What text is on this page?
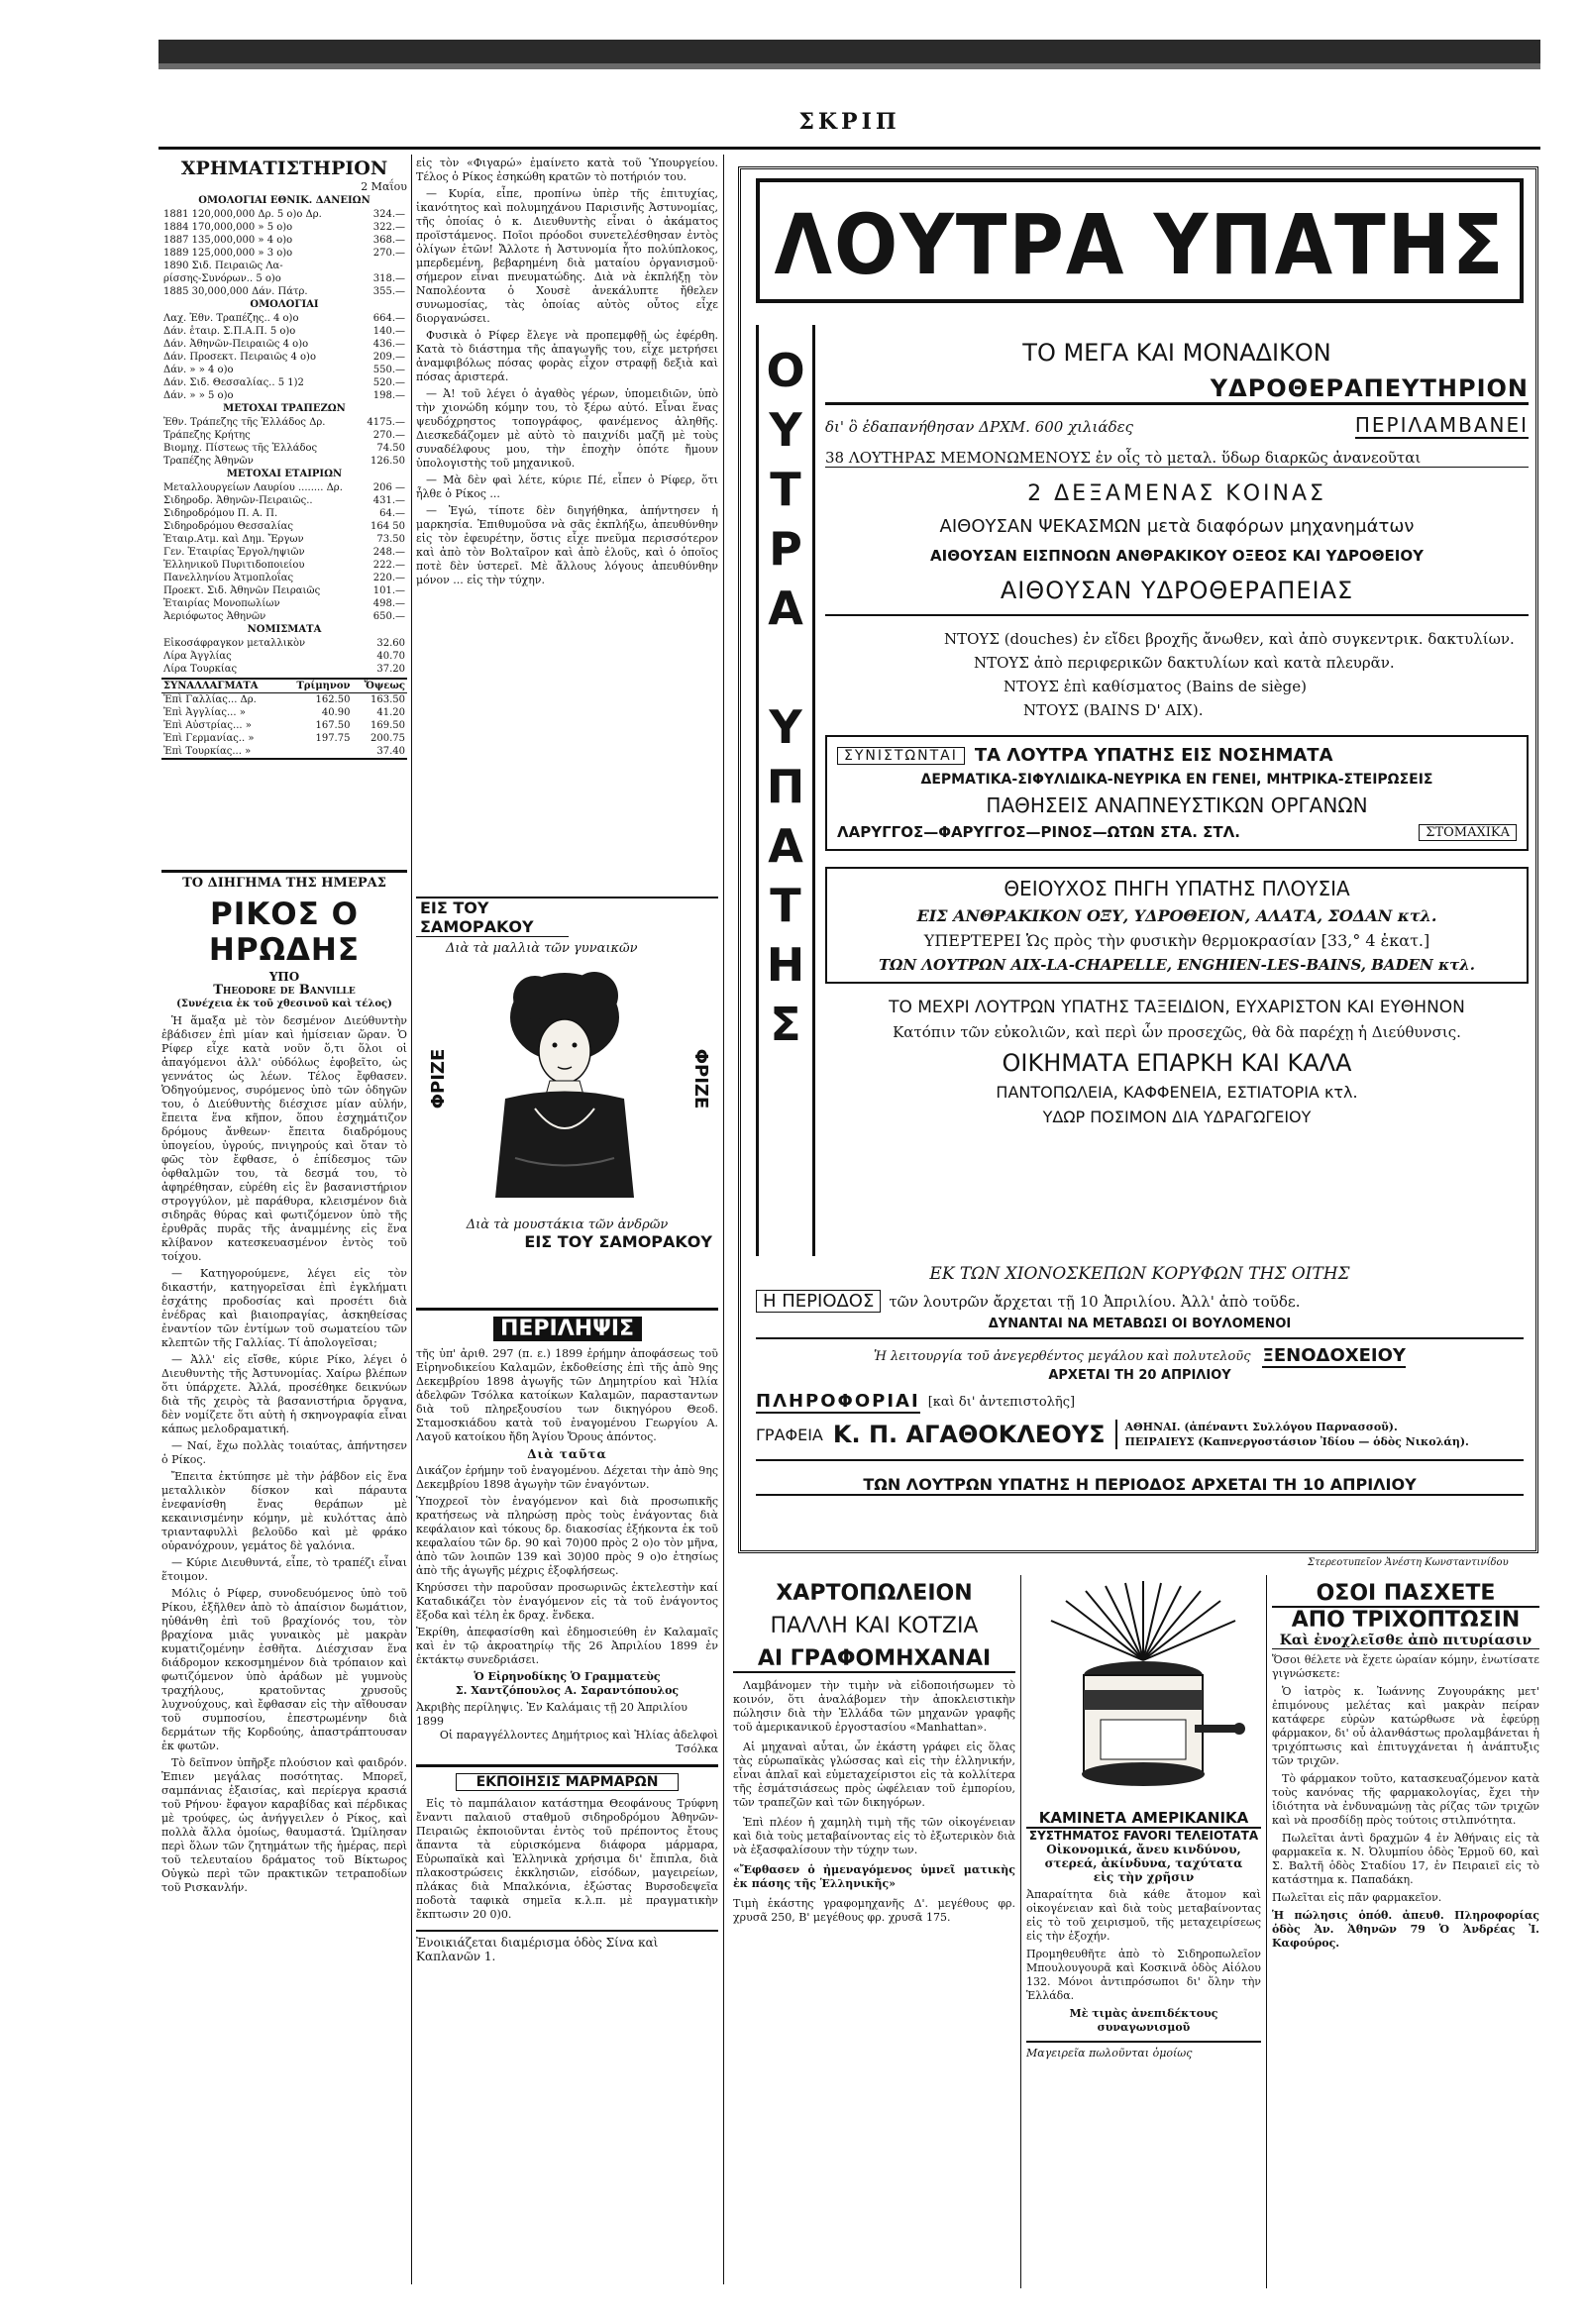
ΣΚΡΙΠ
ΧΡΗΜΑΤΙΣΤΗΡΙΟΝ
2 Μαΐου
ΟΜΟΛΟΓΙΑΙ ΕΘΝΙΚ. ΔΑΝΕΙΩΝ
1881 120,000,000 Δρ. 5 ο)ο Δρ.	324.—
1884 170,000,000 » 5 ο)ο	322.—
1887 135,000,000 » 4 ο)ο	368.—
1889 125,000,000 » 3 ο)ο	270.—
1890 Σιδ. Πειραιῶς Λα-	
ρίσσης-Συνόρων.. 5 ο)ο	318.—
1885 30,000,000 Δάν. Πάτρ.	355.—
ΟΜΟΛΟΓΙΑΙ
Λαχ. Ἐθν. Τραπέζης.. 4 ο)ο	664.—
Δάν. ἑταιρ. Σ.Π.Α.Π. 5 ο)ο	140.—
Δάν. Ἀθηνῶν-Πειραιῶς 4 ο)ο	436.—
Δάν. Προσεκτ. Πειραιῶς 4 ο)ο	209.—
Δάν. » » 4 ο)ο	550.—
Δάν. Σιδ. Θεσσαλίας.. 5 1)2	520.—
Δάν. » » 5 ο)ο	198.—
ΜΕΤΟΧΑΙ ΤΡΑΠΕΖΩΝ
Ἐθν. Τράπεζης τῆς Ἑλλάδος Δρ.	4175.—
Τράπεζης Κρήτης	270.—
Βιομηχ. Πίστεως τῆς Ἑλλάδος	74.50
Τραπέζης Ἀθηνῶν	126.50
ΜΕΤΟΧΑΙ ΕΤΑΙΡΙΩΝ
Μεταλλουργείων Λαυρίου ........ Δρ.	206 —
Σιδηροδρ. Ἀθηνῶν-Πειραιῶς..	431.—
Σιδηροδρόμου Π. Α. Π.	64.—
Σιδηροδρόμου Θεσσαλίας	164 50
Ἑταιρ.Ατμ. καὶ Δημ. Ἔργων	73.50
Γεν. Ἑταιρίας Ἐργολ/ηψιῶν	248.—
Ἑλληνικοῦ Πυριτιδοποιείου	222.—
Πανελληνίου Ἀτμοπλοΐας	220.—
Προεκτ. Σιδ. Ἀθηνῶν Πειραιῶς	101.—
Ἑταιρίας Μονοπωλίων	498.—
Ἀεριόφωτος Ἀθηνῶν	650.—
ΝΟΜΙΣΜΑΤΑ
Εἰκοσάφραγκον μεταλλικὸν	32.60
Λίρα Ἀγγλίας	40.70
Λίρα Τουρκίας	37.20
ΣΥΝΑΛΛΑΓΜΑΤΑ	Τρίμηνον	Ὄψεως
Ἐπὶ Γαλλίας... Δρ.	162.50	163.50
Ἐπὶ Ἀγγλίας... »	40.90	41.20
Ἐπὶ Αὐστρίας... »	167.50	169.50
Ἐπὶ Γερμανίας.. »	197.75	200.75
Ἐπὶ Τουρκίας... »		37.40
ΤΟ ΔΙΗΓΗΜΑ ΤΗΣ ΗΜΕΡΑΣ
ΡΙΚΟΣ Ο ΗΡΩΔΗΣ
ΥΠΟ
Theodore de Banville
(Συνέχεια ἐκ τοῦ χθεσινοῦ καὶ τέλος)

Ἡ ἅμαξα μὲ τὸν δεσμένον Διεύθυντὴν ἐβάδισεν ἐπὶ μίαν καὶ ἡμίσειαν ὥραν. Ὁ Ρίφερ εἶχε κατὰ νοῦν ὅ,τι ὅλοι οἱ ἀπαγόμενοι ἀλλ' οὐδόλως ἐφοβεῖτο, ὡς γεννάτος ὡς λέων. Τέλος ἔφθασεν. Ὁδηγούμενος, συρόμενος ὑπὸ τῶν ὁδηγῶν του, ὁ Διεύθυντὴς διέσχισε μίαν αὐλήν, ἔπειτα ἕνα κῆπον, ὅπου ἐσχημάτιζον δρόμους ἄνθεων· ἔπειτα διαδρόμους ὑπογείου, ὑγρούς, πνιγηρούς καὶ ὅταν τὸ φῶς τὸν ἔφθασε, ὁ ἐπίδεσμος τῶν ὀφθαλμῶν του, τὰ δεσμά του, τὸ ἀφηρέθησαν, εὑρέθη εἰς ἓν βασανιστήριον στρογγύλον, μὲ παράθυρα, κλεισμένον διὰ σιδηρᾶς θύρας καὶ φωτιζόμενον ὑπὸ τῆς ἐρυθρᾶς πυρᾶς τῆς ἀναμμένης εἰς ἕνα κλίβανον κατεσκευασμένον ἐντὸς τοῦ τοίχου.

— Κατηγορούμενε, λέγει εἰς τὸν δικαστήν, κατηγορεῖσαι ἐπὶ ἐγκλήματι ἐσχάτης προδοσίας καὶ προσέτι διὰ ἐνέδρας καὶ βιαιοπραγίας, ἀσκηθείσας ἐναντίον τῶν ἐντίμων τοῦ σωματείου τῶν κλεπτῶν τῆς Γαλλίας. Τί ἀπολογεῖσαι;

— Ἀλλ' εἰς εἴσθε, κύριε Ρίκο, λέγει ὁ Διευθυντὴς τῆς Ἀστυνομίας. Χαίρω βλέπων ὅτι ὑπάρχετε. Ἀλλά, προσέθηκε δεικνύων διὰ τῆς χειρὸς τὰ βασανιστήρια ὄργανα, δὲν νομίζετε ὅτι αὐτὴ ἡ σκηνογραφία εἶναι κάπως μελοδραματική.

— Ναί, ἔχω πολλὰς τοιαύτας, ἀπήντησεν ὁ Ρίκος.

Ἔπειτα ἐκτύπησε μὲ τὴν ῥάβδον εἰς ἕνα μεταλλικὸν δίσκον καὶ πάραυτα ἐνεφανίσθη ἕνας θεράπων μὲ κεκαινισμένην κόμην, μὲ κυλόττας ἀπὸ τριανταφυλλὶ βελοῦδο καὶ μὲ φράκο οὐρανόχρουν, γεμάτος δὲ γαλόνια.

— Κύριε Διευθυντά, εἶπε, τὸ τραπέζι εἶναι ἕτοιμον.

Μόλις ὁ Ρίφερ, συνοδευόμενος ὑπὸ τοῦ Ρίκου, ἐξῆλθεν ἀπὸ τὸ ἀπαίσιον δωμάτιον, ηὑθάνθη ἐπὶ τοῦ βραχίονός του, τὸν βραχίονα μιᾶς γυναικὸς μὲ μακρὰν κυματιζομένην ἐσθῆτα. Διέσχισαν ἕνα διάδρομον κεκοσμημένον διὰ τρόπαιον καὶ φωτιζόμενον ὑπὸ ἀράδων μὲ γυμνοὺς τραχήλους, κρατοῦντας χρυσοῦς λυχνούχους, καὶ ἔφθασαν εἰς τὴν αἴθουσαν τοῦ συμποσίου, ἐπεστρωμένην διὰ δερμάτων τῆς Κορδούης, ἀπαστράπτουσαν ἐκ φωτῶν.

Τὸ δεῖπνον ὑπῆρξε πλούσιον καὶ φαιδρόν. Ἐπιεν μεγάλας ποσότητας. Μπορεῖ, σαμπάνιας ἐξαισίας, καὶ περίεργα κρασιά τοῦ Ρήνου· ἔφαγον καραβίδας καὶ πέρδικας μὲ τρούφες, ὡς ἀνήγγειλεν ὁ Ρίκος, καὶ πολλὰ ἄλλα ὁμοίως, θαυμαστά. Ὡμίλησαν περὶ ὅλων τῶν ζητημάτων τῆς ἡμέρας, περὶ τοῦ τελευταίου δράματος τοῦ Βίκτωρος Οὐγκὼ περὶ τῶν πρακτικῶν τετραποδίων τοῦ Ρισκανλήν.

εἰς τὸν «Φιγαρώ» ἐμαίνετο κατὰ τοῦ Ὑπουργείου. Τέλος ὁ Ρίκος ἐσηκώθη κρατῶν τὸ ποτήριόν του.

— Κυρία, εἶπε, προπίνω ὑπὲρ τῆς ἐπιτυχίας, ἱκανότητος καὶ πολυμηχάνου Παρισινῆς Ἀστυνομίας, τῆς ὁποίας ὁ κ. Διευθυντὴς εἶναι ὁ ἀκάματος προϊστάμενος. Ποῖοι πρόοδοι συνετελέσθησαν ἐντὸς ὀλίγων ἐτῶν! Ἄλλοτε ἡ Ἀστυνομία ἦτο πολύπλοκος, μπερδεμένη, βεβαρημένη διὰ ματαίου ὀργανισμοῦ· σήμερον εἶναι πνευματώδης. Διὰ νὰ ἐκπλήξῃ τὸν Ναπολέοντα ὁ Χουσὲ ἀνεκάλυπτε ἤθελεν συνωμοσίας, τὰς ὁποίας αὐτὸς οὗτος εἶχε διοργανώσει.

Φυσικὰ ὁ Ρίφερ ἔλεγε νὰ προπεμφθῇ ὡς ἐφέρθη. Κατὰ τὸ διάστημα τῆς ἀπαγωγῆς του, εἶχε μετρήσει ἀναμφιβόλως πόσας φορὰς εἶχον στραφῇ δεξιὰ καὶ πόσας ἀριστερά.

— Ἀ! τοῦ λέγει ὁ ἀγαθὸς γέρων, ὑπομειδιῶν, ὑπὸ τὴν χιονώδη κόμην του, τὸ ξέρω αὐτό. Εἶναι ἕνας ψευδόχρηστος τοπογράφος, φανέμενος ἀληθῆς. Διεσκεδάζομεν μὲ αὐτὸ τὸ παιχνίδι μαζῆ μὲ τοὺς συναδέλφους μου, τὴν ἐποχὴν ὁπότε ἤμουν ὑπολογιστὴς τοῦ μηχανικοῦ.

— Μὰ δὲν φαὶ λέτε, κύριε Πέ, εἶπεν ὁ Ρίφερ, ὅτι ἦλθε ὁ Ρίκος ...

— Ἐγώ, τίποτε δὲν διηγήθηκα, ἀπήντησεν ἡ μαρκησία. Ἐπιθυμοῦσα νὰ σᾶς ἐκπλήξω, ἀπευθύνθην εἰς τὸν ἐφευρέτην, ὅστις εἶχε πνεῦμα περισσότερον καὶ ἀπὸ τὸν Βολταῖρον καὶ ἀπὸ ἐλοῦς, καὶ ὁ ὁποῖος ποτὲ δὲν ὑστερεῖ. Μὲ ἄλλους λόγους ἀπευθύνθην μόνον ... εἰς τὴν τύχην.

ΕΙΣ ΤΟΥ ΣΑΜΟΡΑΚΟΥ
Διὰ τὰ μαλλιὰ τῶν γυναικῶν
ΦΡΙΖΕ	ΦΡΙΖΕ
Διὰ τὰ μουστάκια τῶν ἀνδρῶν
ΕΙΣ ΤΟΥ ΣΑΜΟΡΑΚΟΥ
ΠΕΡΙΛΗΨΙΣ

τῆς ὑπ' ἀριθ. 297 (π. ε.) 1899 ἐρήμην ἀποφάσεως τοῦ Εἰρηνοδικείου Καλαμῶν, ἐκδοθείσης ἐπὶ τῆς ἀπὸ 9ης Δεκεμβρίου 1898 ἀγωγῆς τῶν Δημητρίου καὶ Ἠλία ἀδελφῶν Τσόλκα κατοίκων Καλαμῶν, παρασταντων διὰ τοῦ πληρεξουσίου των δικηγόρου Θεοδ. Σταμοσκιάδου κατὰ τοῦ ἐναγομένου Γεωργίου Α. Λαγοῦ κατοίκου ἤδη Ἁγίου Ὄρους ἀπόντος.

Διὰ ταῦτα

Δικάζον ἐρήμην τοῦ ἐναγομένου. Δέχεται τὴν ἀπὸ 9ης Δεκεμβρίου 1898 ἀγωγὴν τῶν ἐναγόντων.

Ὑποχρεοῖ τὸν ἐναγόμενον καὶ διὰ προσωπικῆς κρατήσεως νὰ πληρώσῃ πρὸς τοὺς ἐνάγοντας διὰ κεφάλαιον καὶ τόκους δρ. διακοσίας ἑξήκοντα ἐκ τοῦ κεφαλαίου τῶν δρ. 90 καὶ 70)00 πρὸς 2 ο)ο τὸν μῆνα, ἀπὸ τῶν λοιπῶν 139 καὶ 30)00 πρὸς 9 ο)ο ἐτησίως ἀπὸ τῆς ἀγωγῆς μέχρις ἐξοφλήσεως.

Κηρύσσει τὴν παροῦσαν προσωρινῶς ἐκτελεστὴν καί Καταδικάζει τὸν ἐναγόμενον εἰς τὰ τοῦ ἐνάγοντος ἔξοδα καὶ τέλη ἐκ δραχ. ἕνδεκα.

Ἐκρίθη, ἀπεφασίσθη καὶ ἐδημοσιεύθη ἐν Καλαμαῖς καὶ ἐν τῷ ἀκροατηρίῳ τῆς 26 Ἀπριλίου 1899 ἐν ἐκτάκτῳ συνεδριάσει.

Ὁ Εἰρηνοδίκης Ὁ Γραμματεὺς
Σ. Χαντζόπουλος Α. Σαραντόπουλος
Ἀκριβὴς περίληψις. Ἐν Καλάμαις τῇ 20 Ἀπριλίου 1899
Οἱ παραγγέλλοντες Δημήτριος καὶ Ἠλίας ἀδελφοὶ Τσόλκα
ΕΚΠΟΙΗΣΙΣ ΜΑΡΜΑΡΩΝ

Εἰς τὸ παμπάλαιον κατάστημα Θεοφάνους Τρύφνη ἔναντι παλαιοῦ σταθμοῦ σιδηροδρόμου Ἀθηνῶν-Πειραιῶς ἐκποιοῦνται ἐντὸς τοῦ πρέποντος ἔτους ἅπαντα τὰ εὑρισκόμενα διάφορα μάρμαρα, Εὐρωπαϊκὰ καὶ Ἑλληνικὰ χρήσιμα δι' ἔπιπλα, διὰ πλακοστρώσεις ἐκκλησιῶν, εἰσόδων, μαγειρείων, πλάκας διὰ Μπαλκόνια, ἐξώστας Βυρσοδεψεῖα ποδοτὰ ταφικὰ σημεῖα κ.λ.π. μὲ πραγματικὴν ἔκπτωσιν 20 0)0.

Ἐνοικιάζεται διαμέρισμα ὁδὸς Σίνα καὶ Καπλανῶν 1.

ΛΟΥΤΡΑ ΥΠΑΤΗΣ
Ο
Υ
Τ
Ρ
Α
Υ
Π
Α
Τ
Η
Σ
ΤΟ ΜΕΓΑ ΚΑΙ ΜΟΝΑΔΙΚΟΝ
ΥΔΡΟΘΕΡΑΠΕΥΤΗΡΙΟΝ
δι' ὃ ἐδαπανήθησαν ΔΡΧΜ. 600 χιλιάδες	ΠΕΡΙΛΑΜΒΑΝΕΙ
38 ΛΟΥΤΗΡΑΣ ΜΕΜΟΝΩΜΕΝΟΥΣ ἐν οἷς τὸ μεταλ. ὕδωρ διαρκῶς ἀνανεοῦται
2 ΔΕΞΑΜΕΝΑΣ ΚΟΙΝΑΣ
ΑΙΘΟΥΣΑΝ ΨΕΚΑΣΜΩΝ μετὰ διαφόρων μηχανημάτων
ΑΙΘΟΥΣΑΝ ΕΙΣΠΝΟΩΝ ΑΝΘΡΑΚΙΚΟΥ ΟΞΕΟΣ ΚΑΙ ΥΔΡΟΘΕΙΟΥ
ΑΙΘΟΥΣΑΝ ΥΔΡΟΘΕΡΑΠΕΙΑΣ
ΝΤΟΥΣ (douches) ἐν εἴδει βροχῆς ἄνωθεν, καὶ ἀπὸ συγκεντρικ. δακτυλίων.
ΝΤΟΥΣ ἀπὸ περιφερικῶν δακτυλίων καὶ κατὰ πλευρᾶν.
ΝΤΟΥΣ ἐπὶ καθίσματος (Bains de siège)
ΝΤΟΥΣ (BAINS D' AIX).
ΣΥΝΙΣΤΩΝΤΑΙ ΤΑ ΛΟΥΤΡΑ ΥΠΑΤΗΣ ΕΙΣ ΝΟΣΗΜΑΤΑ
ΔΕΡΜΑΤΙΚΑ-ΣΙΦΥΛΙΔΙΚΑ-ΝΕΥΡΙΚΑ ΕΝ ΓΕΝΕΙ, ΜΗΤΡΙΚΑ-ΣΤΕΙΡΩΣΕΙΣ
ΠΑΘΗΣΕΙΣ ΑΝΑΠΝΕΥΣΤΙΚΩΝ ΟΡΓΑΝΩΝ
ΛΑΡΥΓΓΟΣ—ΦΑΡΥΓΓΟΣ—ΡΙΝΟΣ—ΩΤΩΝ ΣΤΑ. ΣΤΛ.	ΣΤΟΜΑΧΙΚΑ
ΘΕΙΟΥΧΟΣ ΠΗΓΗ ΥΠΑΤΗΣ ΠΛΟΥΣΙΑ
ΕΙΣ ΑΝΘΡΑΚΙΚΟΝ ΟΞΥ, ΥΔΡΟΘΕΙΟΝ, ΑΛΑΤΑ, ΣΟΔΑΝ κτλ.
ΥΠΕΡΤΕΡΕΙ Ὡς πρὸς τὴν φυσικὴν θερμοκρασίαν [33,° 4 ἑκατ.]
ΤΩΝ ΛΟΥΤΡΩΝ AIX-LA-CHAPELLE, ENGHIEN-LES-BAINS, BADEN κτλ.
ΤΟ ΜΕΧΡΙ ΛΟΥΤΡΩΝ ΥΠΑΤΗΣ ΤΑΞΕΙΔΙΟΝ, ΕΥΧΑΡΙΣΤΟΝ ΚΑΙ ΕΥΘΗΝΟΝ
Κατόπιν τῶν εὐκολιῶν, καὶ περὶ ὧν προσεχῶς, θὰ δὰ παρέχῃ ἡ Διεύθυνσις.
ΟΙΚΗΜΑΤΑ ΕΠΑΡΚΗ ΚΑΙ ΚΑΛΑ
ΠΑΝΤΟΠΩΛΕΙΑ, ΚΑΦΦΕΝΕΙΑ, ΕΣΤΙΑΤΟΡΙΑ κτλ.
ΥΔΩΡ ΠΟΣΙΜΟΝ ΔΙΑ ΥΔΡΑΓΩΓΕΙΟΥ
ΕΚ ΤΩΝ ΧΙΟΝΟΣΚΕΠΩΝ ΚΟΡΥΦΩΝ ΤΗΣ ΟΙΤΗΣ
Η ΠΕΡΙΟΔΟΣ	τῶν λουτρῶν ἄρχεται τῇ 10 Ἀπριλίου. Ἀλλ' ἀπὸ τοῦδε.
ΔΥΝΑΝΤΑΙ ΝΑ ΜΕΤΑΒΩΣΙ ΟΙ ΒΟΥΛΟΜΕΝΟΙ
Ἡ λειτουργία τοῦ ἀνεγερθέντος μεγάλου καὶ πολυτελοῦς ΞΕΝΟΔΟΧΕΙΟΥ
ΑΡΧΕΤΑΙ ΤΗ 20 ΑΠΡΙΛΙΟΥ
ΠΛΗΡΟΦΟΡΙΑΙ [καὶ δι' ἀντεπιστολῆς]
ΓΡΑΦΕΙΑ Κ. Π. ΑΓΑΘΟΚΛΕΟΥΣ ΑΘΗΝΑΙ. (ἀπέναντι Συλλόγου Παρνασσοῦ).
ΠΕΙΡΑΙΕΥΣ (Καπνεργοστάσιον Ἰδίου — ὁδὸς Νικολάη).
ΤΩΝ ΛΟΥΤΡΩΝ ΥΠΑΤΗΣ Η ΠΕΡΙΟΔΟΣ ΑΡΧΕΤΑΙ ΤΗ 10 ΑΠΡΙΛΙΟΥ
Στερεοτυπεῖον Ἀνέστη Κωνσταντινίδου
ΧΑΡΤΟΠΩΛΕΙΟΝ
ΠΑΛΛΗ ΚΑΙ ΚΟΤΖΙΑ
ΑΙ ΓΡΑΦΟΜΗΧΑΝΑΙ

Λαμβάνομεν τὴν τιμὴν νὰ εἰδοποιήσωμεν τὸ κοινόν, ὅτι ἀναλάβομεν τὴν ἀποκλειστικὴν πώλησιν διὰ τὴν Ἑλλάδα τῶν μηχανῶν γραφῆς τοῦ ἀμερικανικοῦ ἐργοστασίου «Manhattan».

Αἱ μηχαναὶ αὗται, ὧν ἑκάστη γράφει εἰς ὅλας τὰς εὐρωπαϊκὰς γλώσσας καὶ εἰς τὴν ἑλληνικήν, εἶναι ἁπλαῖ καὶ εὐμεταχείριστοι εἰς τὰ κολλίτερα τῆς ἐσμάτσιάσεως πρὸς ὠφέλειαν τοῦ ἐμπορίου, τῶν τραπεζῶν καὶ τῶν δικηγόρων.

Ἐπὶ πλέον ἡ χαμηλὴ τιμὴ τῆς τῶν οἰκογένειαν καὶ διὰ τοὺς μεταβαίνοντας εἰς τὸ ἐξωτερικὸν διὰ νὰ ἐξασφαλίσουν τὴν τύχην των.

«Ἔφθασεν ὁ ἠμεναγόμενος ὑμνεῖ ματικὴς ἐκ πάσης τῆς Ἑλληνικῆς»

Τιμὴ ἑκάστης γραφομηχανῆς Δ'. μεγέθους φρ. χρυσᾶ 250, Β' μεγέθους φρ. χρυσᾶ 175.

ΚΑΜΙΝΕΤΑ ΑΜΕΡΙΚΑΝΙΚΑ
ΣΥΣΤΗΜΑΤΟΣ FAVORI ΤΕΛΕΙΟΤΑΤΑ
Οἰκονομικά, ἄνευ κινδύνου, στερεά, ἀκίνδυνα, ταχύτατα
εἰς τὴν χρῆσιν

Ἀπαραίτητα διὰ κάθε ἄτομον καὶ οἰκογένειαν καὶ διὰ τοὺς μεταβαίνοντας εἰς τὸ τοῦ χειρισμοῦ, τῆς μεταχειρίσεως εἰς τὴν ἐξοχήν.

Προμηθευθῆτε ἀπὸ τὸ Σιδηροπωλεῖον Μπουλουγουρᾶ καὶ Κοσκινᾶ ὁδὸς Αἰόλου 132. Μόνοι ἀντιπρόσωποι δι' ὅλην τὴν Ἑλλάδα.

Μὲ τιμὰς ἀνεπιδέκτους συναγωνισμοῦ
Μαγειρεῖα πωλοῦνται ὁμοίως
ΟΣΟΙ ΠΑΣΧΕΤΕ
ΑΠΟ ΤΡΙΧΟΠΤΩΣΙΝ
Καὶ ἐνοχλεῖσθε ἀπὸ πιτυρίασιν

Ὅσοι θέλετε νὰ ἔχετε ὡραίαν κόμην, ἐνωτίσατε γιγνώσκετε:

Ὁ ἰατρὸς κ. Ἰωάννης Ζυγουράκης μετ' ἐπιμόνους μελέτας καὶ μακρὰν πείραν κατάφερε εὑρὼν κατώρθωσε νὰ ἐφεύρῃ φάρμακον, δι' οὗ ἀλανθάστως προλαμβάνεται ἡ τριχόπτωσις καὶ ἐπιτυγχάνεται ἡ ἀνάπτυξις τῶν τριχῶν.

Τὸ φάρμακον τοῦτο, κατασκευαζόμενον κατὰ τοὺς κανόνας τῆς φαρμακολογίας, ἔχει τὴν ἰδιότητα νὰ ἐνδυναμώνῃ τὰς ρίζας τῶν τριχῶν καὶ νὰ προσδίδῃ πρὸς τούτοις στιλπνότητα.

Πωλεῖται ἀντὶ δραχμῶν 4 ἐν Ἀθήναις εἰς τὰ φαρμακεῖα κ. Ν. Ὀλυμπίου ὁδὸς Ἑρμοῦ 60, καὶ Σ. Βαλτῆ ὁδὸς Σταδίου 17, ἐν Πειραιεῖ εἰς τὸ κατάστημα κ. Παπαδάκη.

Πωλεῖται εἰς πᾶν φαρμακεῖον.

Ἡ πώλησις ὁπόθ. ἀπευθ. Πληροφορίας ὁδὸς Ἀν. Ἀθηνῶν 79 Ὁ Ἀνδρέας Ἰ. Καφούρος.
